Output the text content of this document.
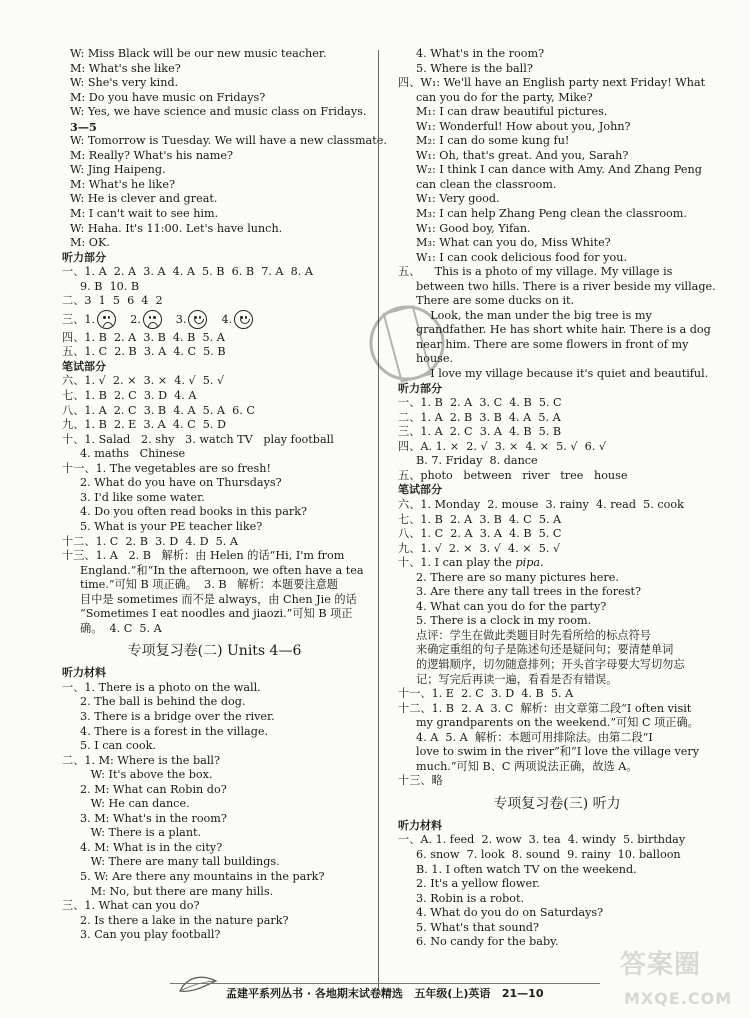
W: Miss Black will be our new music teacher.
M: What's she like?
W: She's very kind.
M: Do you have music on Fridays?
W: Yes, we have science and music class on Fridays.
3—5
W: Tomorrow is Tuesday. We will have a new classmate.
M: Really? What's his name?
W: Jing Haipeng.
M: What's he like?
W: He is clever and great.
M: I can't wait to see him.
W: Haha. It's 11:00. Let's have lunch.
M: OK.
听力部分
一、1. A  2. A  3. A  4. A  5. B  6. B  7. A  8. A
9. B  10. B
二、3  1  5  6  4  2
三、 1.	2.	3.	4.
四、1. B  2. A  3. B  4. B  5. A
五、1. C  2. B  3. A  4. C  5. B
笔试部分
六、1. √  2. ×  3. ×  4. √  5. √
七、1. B  2. C  3. D  4. A
八、1. A  2. C  3. B  4. A  5. A  6. C
九、1. B  2. E  3. A  4. C  5. D
十、1. Salad   2. shy   3. watch TV   play football
4. maths   Chinese
十一、1. The vegetables are so fresh!
2. What do you have on Thursdays?
3. I'd like some water.
4. Do you often read books in this park?
5. What is your PE teacher like?
十二、1. C  2. B  3. D  4. D  5. A
十三、1. A   2. B   解析：由 Helen 的话“Hi, I'm from
England.”和“In the afternoon, we often have a tea
time.”可知 B 项正确。  3. B   解析：本题要注意题
目中是 sometimes 而不是 always，由 Chen Jie 的话
“Sometimes I eat noodles and jiaozi.”可知 B 项正
确。  4. C  5. A
专项复习卷(二) Units 4—6
听力材料
一、1. There is a photo on the wall.
2. The ball is behind the dog.
3. There is a bridge over the river.
4. There is a forest in the village.
5. I can cook.
二、1. M: Where is the ball?
W: It's above the box.
2. M: What can Robin do?
W: He can dance.
3. M: What's in the room?
W: There is a plant.
4. M: What is in the city?
W: There are many tall buildings.
5. W: Are there any mountains in the park?
M: No, but there are many hills.
三、1. What can you do?
2. Is there a lake in the nature park?
3. Can you play football?
4. What's in the room?
5. Where is the ball?
四、W₁: We'll have an English party next Friday! What
can you do for the party, Mike?
M₁: I can draw beautiful pictures.
W₁: Wonderful! How about you, John?
M₂: I can do some kung fu!
W₁: Oh, that's great. And you, Sarah?
W₂: I think I can dance with Amy. And Zhang Peng
can clean the classroom.
W₁: Very good.
M₃: I can help Zhang Peng clean the classroom.
W₁: Good boy, Yifan.
M₃: What can you do, Miss White?
W₁: I can cook delicious food for you.
五、    This is a photo of my village. My village is
between two hills. There is a river beside my village.
There are some ducks on it.
Look, the man under the big tree is my
grandfather. He has short white hair. There is a dog
near him. There are some flowers in front of my
house.
I love my village because it's quiet and beautiful.
听力部分
一、1. B  2. A  3. C  4. B  5. C
二、1. A  2. B  3. B  4. A  5. A
三、1. A  2. C  3. A  4. B  5. B
四、A. 1. ×  2. √  3. ×  4. ×  5. √  6. √
B. 7. Friday  8. dance
五、photo   between   river   tree   house
笔试部分
六、1. Monday  2. mouse  3. rainy  4. read  5. cook
七、1. B  2. A  3. B  4. C  5. A
八、1. C  2. A  3. A  4. B  5. C
九、1. √  2. ×  3. √  4. ×  5. √
十、1. I can play the pipa.
2. There are so many pictures here.
3. Are there any tall trees in the forest?
4. What can you do for the party?
5. There is a clock in my room.
点评：学生在做此类题目时先看所给的标点符号
来确定重组的句子是陈述句还是疑问句；要清楚单词
的逻辑顺序，切勿随意排列；开头首字母要大写切勿忘
记；写完后再读一遍，看看是否有错误。
十一、1. E  2. C  3. D  4. B  5. A
十二、1. B  2. A  3. C  解析：由文章第二段“I often visit
my grandparents on the weekend.”可知 C 项正确。
4. A  5. A  解析：本题可用排除法。由第二段“I
love to swim in the river”和“I love the village very
much.”可知 B、C 两项说法正确，故选 A。
十三、略
专项复习卷(三) 听力
听力材料
一、A. 1. feed  2. wow  3. tea  4. windy  5. birthday
6. snow  7. look  8. sound  9. rainy  10. balloon
B. 1. I often watch TV on the weekend.
2. It's a yellow flower.
3. Robin is a robot.
4. What do you do on Saturdays?
5. What's that sound?
6. No candy for the baby.
孟建平系列丛书 · 各地期末试卷精选   五年级(上)英语   21—10
答案圈
MXQE.COM
